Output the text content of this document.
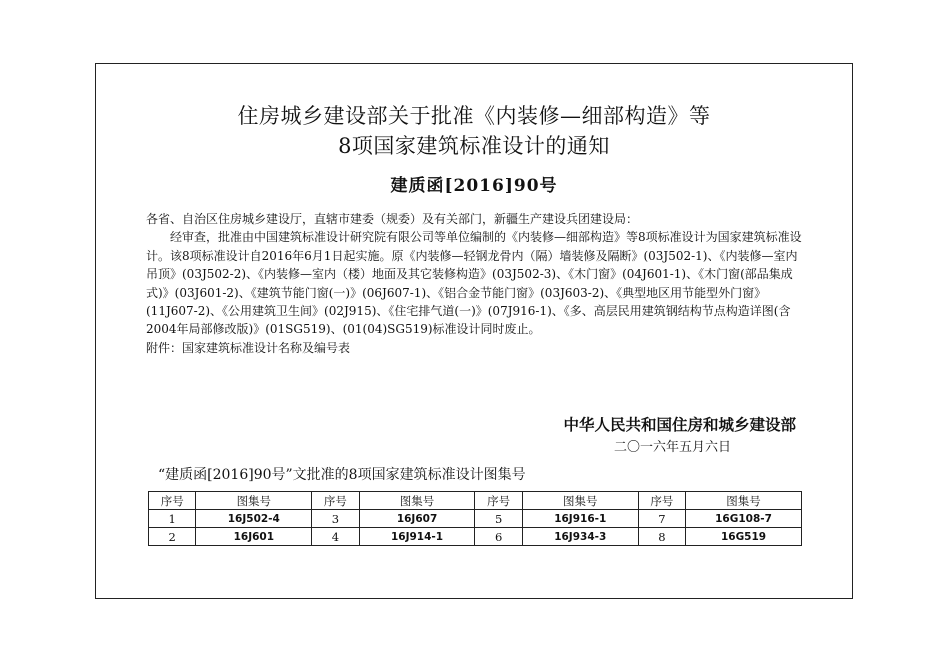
住房城乡建设部关于批准《内装修—细部构造》等
8项国家建筑标准设计的通知
建质函[2016]90号

各省、自治区住房城乡建设厅，直辖市建委（规委）及有关部门，新疆生产建设兵团建设局：

经审查，批准由中国建筑标准设计研究院有限公司等单位编制的《内装修—细部构造》等8项标准设计为国家建筑标准设计。该8项标准设计自2016年6月1日起实施。原《内装修—轻钢龙骨内（隔）墙装修及隔断》(03J502-1)、《内装修—室内吊顶》(03J502-2)、《内装修—室内（楼）地面及其它装修构造》(03J502-3)、《木门窗》(04J601-1)、《木门窗(部品集成式)》(03J601-2)、《建筑节能门窗(一)》(06J607-1)、《铝合金节能门窗》(03J603-2)、《典型地区用节能型外门窗》(11J607-2)、《公用建筑卫生间》(02J915)、《住宅排气道(一)》(07J916-1)、《多、高层民用建筑钢结构节点构造详图(含2004年局部修改版)》(01SG519)、(01(04)SG519)标准设计同时废止。

附件：国家建筑标准设计名称及编号表

中华人民共和国住房和城乡建设部
二〇一六年五月六日
“建质函[2016]90号”文批准的8项国家建筑标准设计图集号
序号	图集号	序号	图集号	序号	图集号	序号	图集号
1	16J502-4	3	16J607	5	16J916-1	7	16G108-7
2	16J601	4	16J914-1	6	16J934-3	8	16G519
